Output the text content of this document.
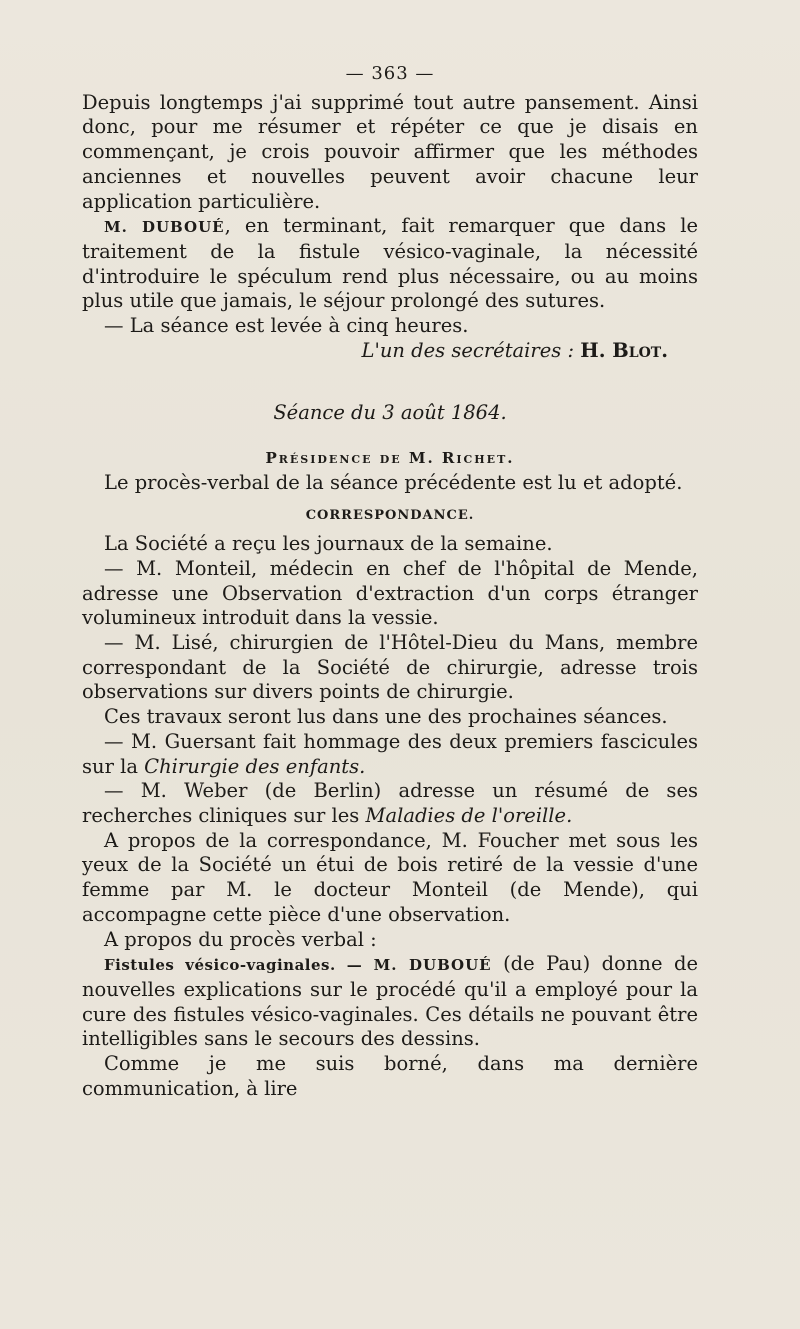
— 363 —

Depuis longtemps j'ai supprimé tout autre pansement. Ainsi donc, pour me résumer et répéter ce que je disais en commençant, je crois pouvoir affirmer que les méthodes anciennes et nouvelles peuvent avoir chacune leur application particulière.

M. DUBOUÉ, en terminant, fait remarquer que dans le traitement de la fistule vésico-vaginale, la nécessité d'introduire le spéculum rend plus nécessaire, ou au moins plus utile que jamais, le séjour prolongé des sutures.

— La séance est levée à cinq heures.

L'un des secrétaires : H. Blot.
Séance du 3 août 1864.
Présidence de M. Richet.

Le procès-verbal de la séance précédente est lu et adopté.

CORRESPONDANCE.

La Société a reçu les journaux de la semaine.

— M. Monteil, médecin en chef de l'hôpital de Mende, adresse une Observation d'extraction d'un corps étranger volumineux introduit dans la vessie.

— M. Lisé, chirurgien de l'Hôtel-Dieu du Mans, membre correspondant de la Société de chirurgie, adresse trois observations sur divers points de chirurgie.

Ces travaux seront lus dans une des prochaines séances.

— M. Guersant fait hommage des deux premiers fascicules sur la Chirurgie des enfants.

— M. Weber (de Berlin) adresse un résumé de ses recherches cliniques sur les Maladies de l'oreille.

A propos de la correspondance, M. Foucher met sous les yeux de la Société un étui de bois retiré de la vessie d'une femme par M. le docteur Monteil (de Mende), qui accompagne cette pièce d'une observation.

A propos du procès verbal :

Fistules vésico-vaginales. — M. DUBOUÉ (de Pau) donne de nouvelles explications sur le procédé qu'il a employé pour la cure des fistules vésico-vaginales. Ces détails ne pouvant être intelligibles sans le secours des dessins.

Comme je me suis borné, dans ma dernière communication, à lire
